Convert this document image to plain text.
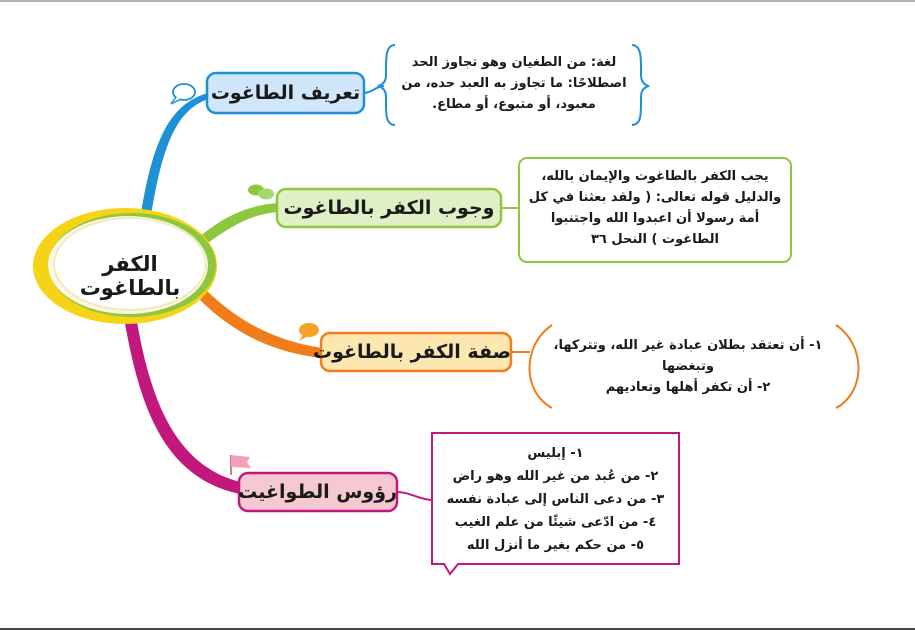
الكفر بالطاغوت
تعريف الطاغوت
وجوب الكفر بالطاغوت
صفة الكفر بالطاغوت
رؤوس الطواغيت
لغة: من الطغيان وهو تجاوز الحد
اصطلاحًا: ما تجاوز به العبد حده، من
معبود، أو متبوع، أو مطاع.
يجب الكفر بالطاغوت والإيمان بالله،
والدليل قوله تعالى: ( ولقد بعثنا في كل
أمة رسولا أن اعبدوا الله واجتنبوا
الطاغوت ) النحل ٣٦
١- أن تعتقد بطلان عبادة غير الله، وتتركها،
وتبغضها
٢- أن تكفر أهلها وتعاديهم
١- إبليس
٢- من عُبد من غير الله وهو راض
٣- من دعى الناس إلى عبادة نفسه
٤- من ادّعى شيئًا من علم الغيب
٥- من حكم بغير ما أنزل الله
